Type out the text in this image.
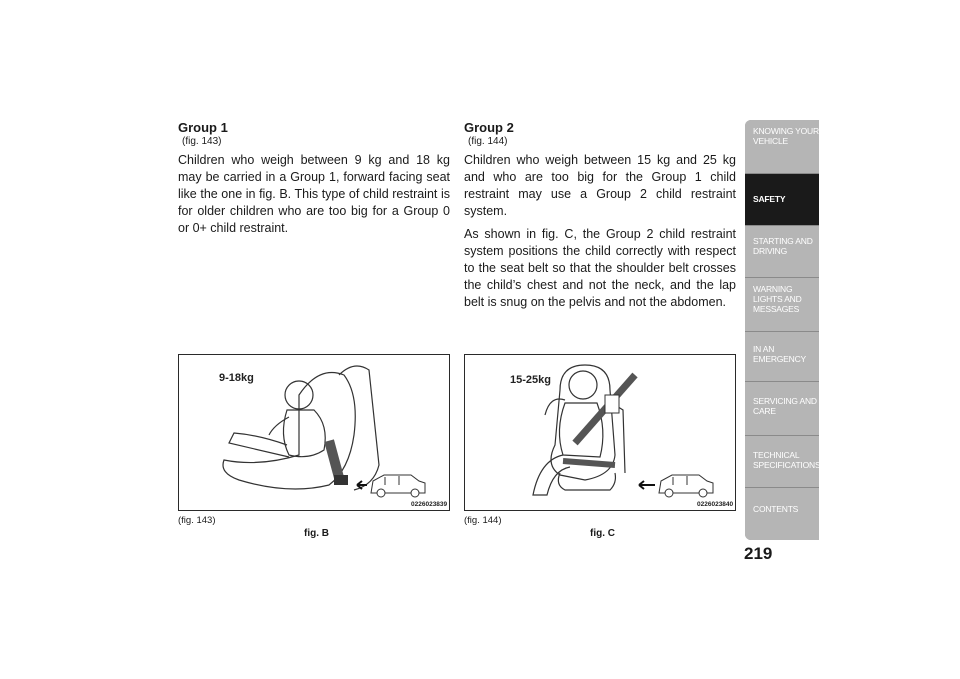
Group 1

(fig. 143)

Children who weigh between 9 kg and 18 kg may be carried in a Group 1, forward facing seat like the one in fig. B. This type of child restraint is for older children who are too big for a Group 0 or 0+ child restraint.

Group 2

(fig. 144)

Children who weigh between 15 kg and 25 kg and who are too big for the Group 1 child restraint may use a Group 2 child restraint system.

As shown in fig. C, the Group 2 child restraint system positions the child correctly with respect to the seat belt so that the shoulder belt crosses the child’s chest and not the neck, and the lap belt is snug on the pelvis and not the abdomen.

9-18kg
0226023839
15-25kg
0226023840
(fig. 143)
fig. B
(fig. 144)
fig. C
KNOWING YOUR VEHICLE
SAFETY
STARTING AND DRIVING
WARNING LIGHTS AND MESSAGES
IN AN EMERGENCY
SERVICING AND CARE
TECHNICAL SPECIFICATIONS
CONTENTS
219
